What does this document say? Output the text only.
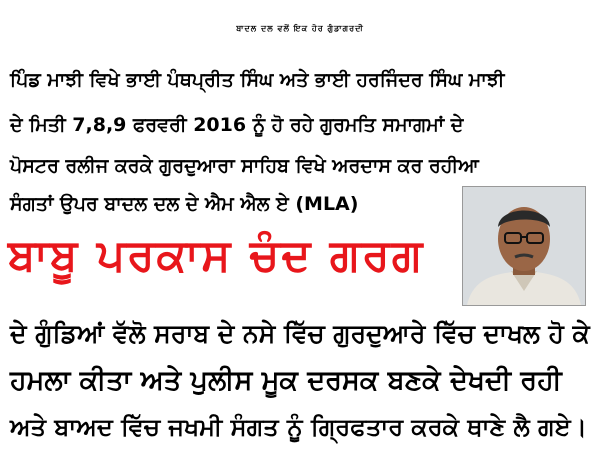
ਬਾਦਲ ਦਲ ਵਲੋਂ ਇਕ ਹੋਰ ਗੁੰਡਾਗਰਦੀ
ਪਿੰਡ ਮਾਝੀ ਵਿਖੇ ਭਾਈ ਪੰਥਪ੍ਰੀਤ ਸਿੰਘ ਅਤੇ ਭਾਈ ਹਰਜਿੰਦਰ ਸਿੰਘ ਮਾਝੀ
ਦੇ ਮਿਤੀ 7,8,9 ਫਰਵਰੀ 2016 ਨੂੰ ਹੋ ਰਹੇ ਗੁਰਮਤਿ ਸਮਾਗਮਾਂ ਦੇ
ਪੋਸਟਰ ਰਲੀਜ ਕਰਕੇ ਗੁਰਦੁਆਰਾ ਸਾਹਿਬ ਵਿਖੇ ਅਰਦਾਸ ਕਰ ਰਹੀਆ
ਸੰਗਤਾਂ ਉਪਰ ਬਾਦਲ ਦਲ ਦੇ ਐਮ ਐਲ ਏ (MLA)
ਬਾਬੂ ਪਰਕਾਸ ਚੰਦ ਗਰਗ
ਦੇ ਗੁੰਡਿਆਂ ਵੱਲੋ ਸਰਾਬ ਦੇ ਨਸੇ ਵਿੱਚ ਗੁਰਦੁਆਰੇ ਵਿੱਚ ਦਾਖਲ ਹੋ ਕੇ
ਹਮਲਾ ਕੀਤਾ ਅਤੇ ਪੁਲੀਸ ਮੂਕ ਦਰਸਕ ਬਣਕੇ ਦੇਖਦੀ ਰਹੀ
ਅਤੇ ਬਾਅਦ ਵਿੱਚ ਜਖਮੀ ਸੰਗਤ ਨੂੰ ਗ੍ਰਿਫਤਾਰ ਕਰਕੇ ਥਾਣੇ ਲੈ ਗਏ।
